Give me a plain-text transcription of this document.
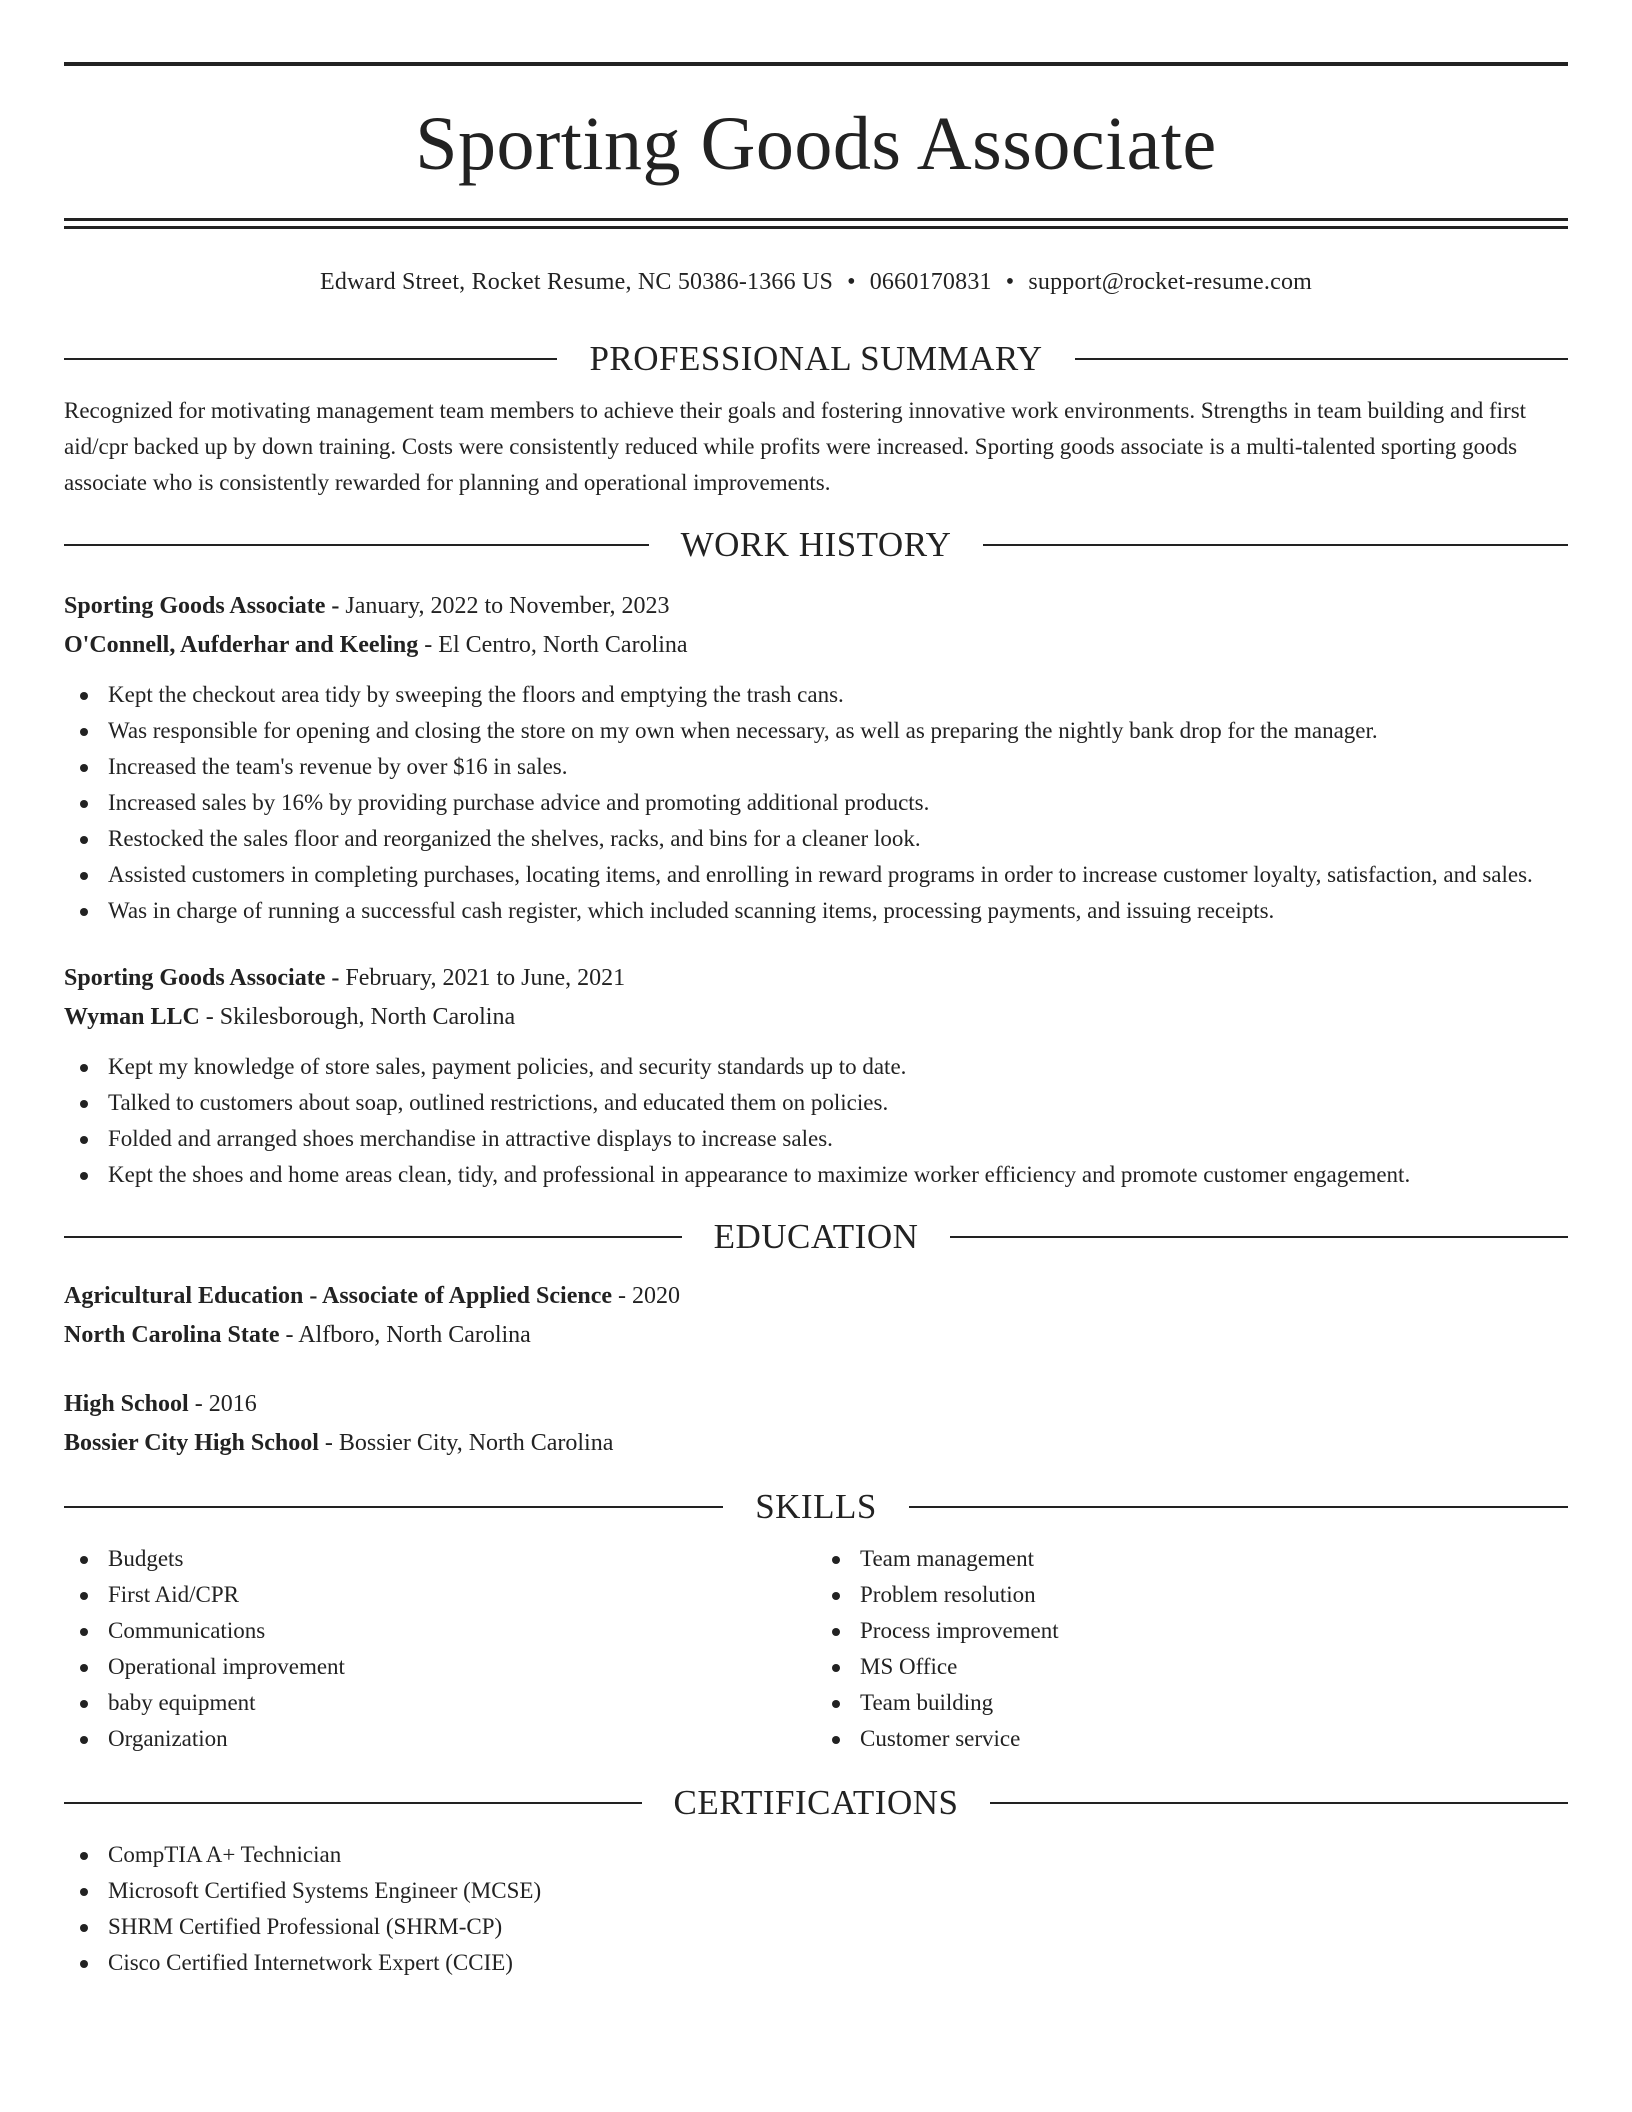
Sporting Goods Associate
Edward Street, Rocket Resume, NC 50386-1366 US • 0660170831 • support@rocket-resume.com
PROFESSIONAL SUMMARY

Recognized for motivating management team members to achieve their goals and fostering innovative work environments. Strengths in team building and first aid/cpr backed up by down training. Costs were consistently reduced while profits were increased. Sporting goods associate is a multi-talented sporting goods associate who is consistently rewarded for planning and operational improvements.

WORK HISTORY
Sporting Goods Associate - January, 2022 to November, 2023
O'Connell, Aufderhar and Keeling - El Centro, North Carolina
Kept the checkout area tidy by sweeping the floors and emptying the trash cans.
Was responsible for opening and closing the store on my own when necessary, as well as preparing the nightly bank drop for the manager.
Increased the team's revenue by over $16 in sales.
Increased sales by 16% by providing purchase advice and promoting additional products.
Restocked the sales floor and reorganized the shelves, racks, and bins for a cleaner look.
Assisted customers in completing purchases, locating items, and enrolling in reward programs in order to increase customer loyalty, satisfaction, and sales.
Was in charge of running a successful cash register, which included scanning items, processing payments, and issuing receipts.
Sporting Goods Associate - February, 2021 to June, 2021
Wyman LLC - Skilesborough, North Carolina
Kept my knowledge of store sales, payment policies, and security standards up to date.
Talked to customers about soap, outlined restrictions, and educated them on policies.
Folded and arranged shoes merchandise in attractive displays to increase sales.
Kept the shoes and home areas clean, tidy, and professional in appearance to maximize worker efficiency and promote customer engagement.
EDUCATION
Agricultural Education - Associate of Applied Science - 2020
North Carolina State - Alfboro, North Carolina
High School - 2016
Bossier City High School - Bossier City, North Carolina
SKILLS
Budgets
First Aid/CPR
Communications
Operational improvement
baby equipment
Organization
Team management
Problem resolution
Process improvement
MS Office
Team building
Customer service
CERTIFICATIONS
CompTIA A+ Technician
Microsoft Certified Systems Engineer (MCSE)
SHRM Certified Professional (SHRM-CP)
Cisco Certified Internetwork Expert (CCIE)
